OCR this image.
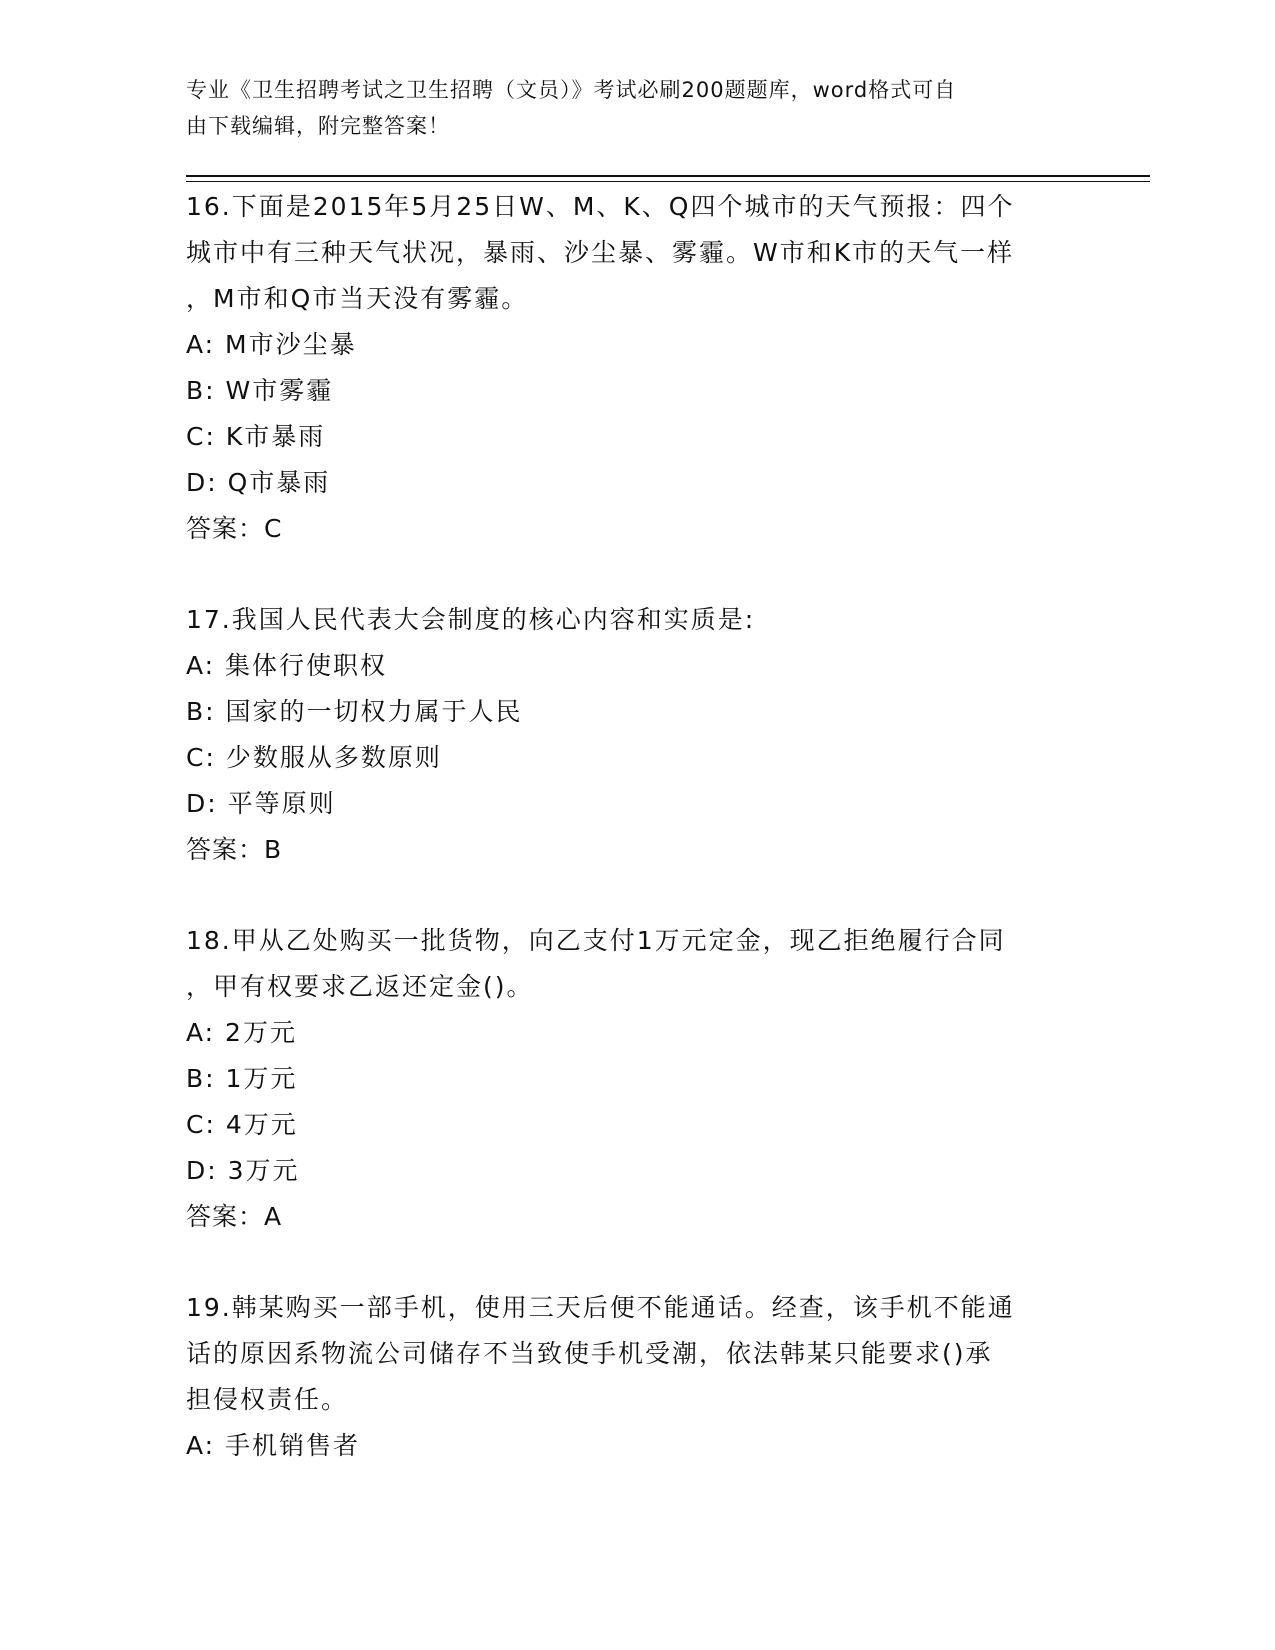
专业《卫生招聘考试之卫生招聘（文员）》考试必刷200题题库，word格式可自
由下载编辑，附完整答案！
16.下面是2015年5月25日W、M、K、Q四个城市的天气预报：四个
城市中有三种天气状况，暴雨、沙尘暴、雾霾。W市和K市的天气一样
，M市和Q市当天没有雾霾。
A: M市沙尘暴
B: W市雾霾
C: K市暴雨
D: Q市暴雨
答案：C
17.我国人民代表大会制度的核心内容和实质是:
A: 集体行使职权
B: 国家的一切权力属于人民
C: 少数服从多数原则
D: 平等原则
答案：B
18.甲从乙处购买一批货物，向乙支付1万元定金，现乙拒绝履行合同
，甲有权要求乙返还定金()。
A: 2万元
B: 1万元
C: 4万元
D: 3万元
答案：A
19.韩某购买一部手机，使用三天后便不能通话。经查，该手机不能通
话的原因系物流公司储存不当致使手机受潮，依法韩某只能要求()承
担侵权责任。
A: 手机销售者
